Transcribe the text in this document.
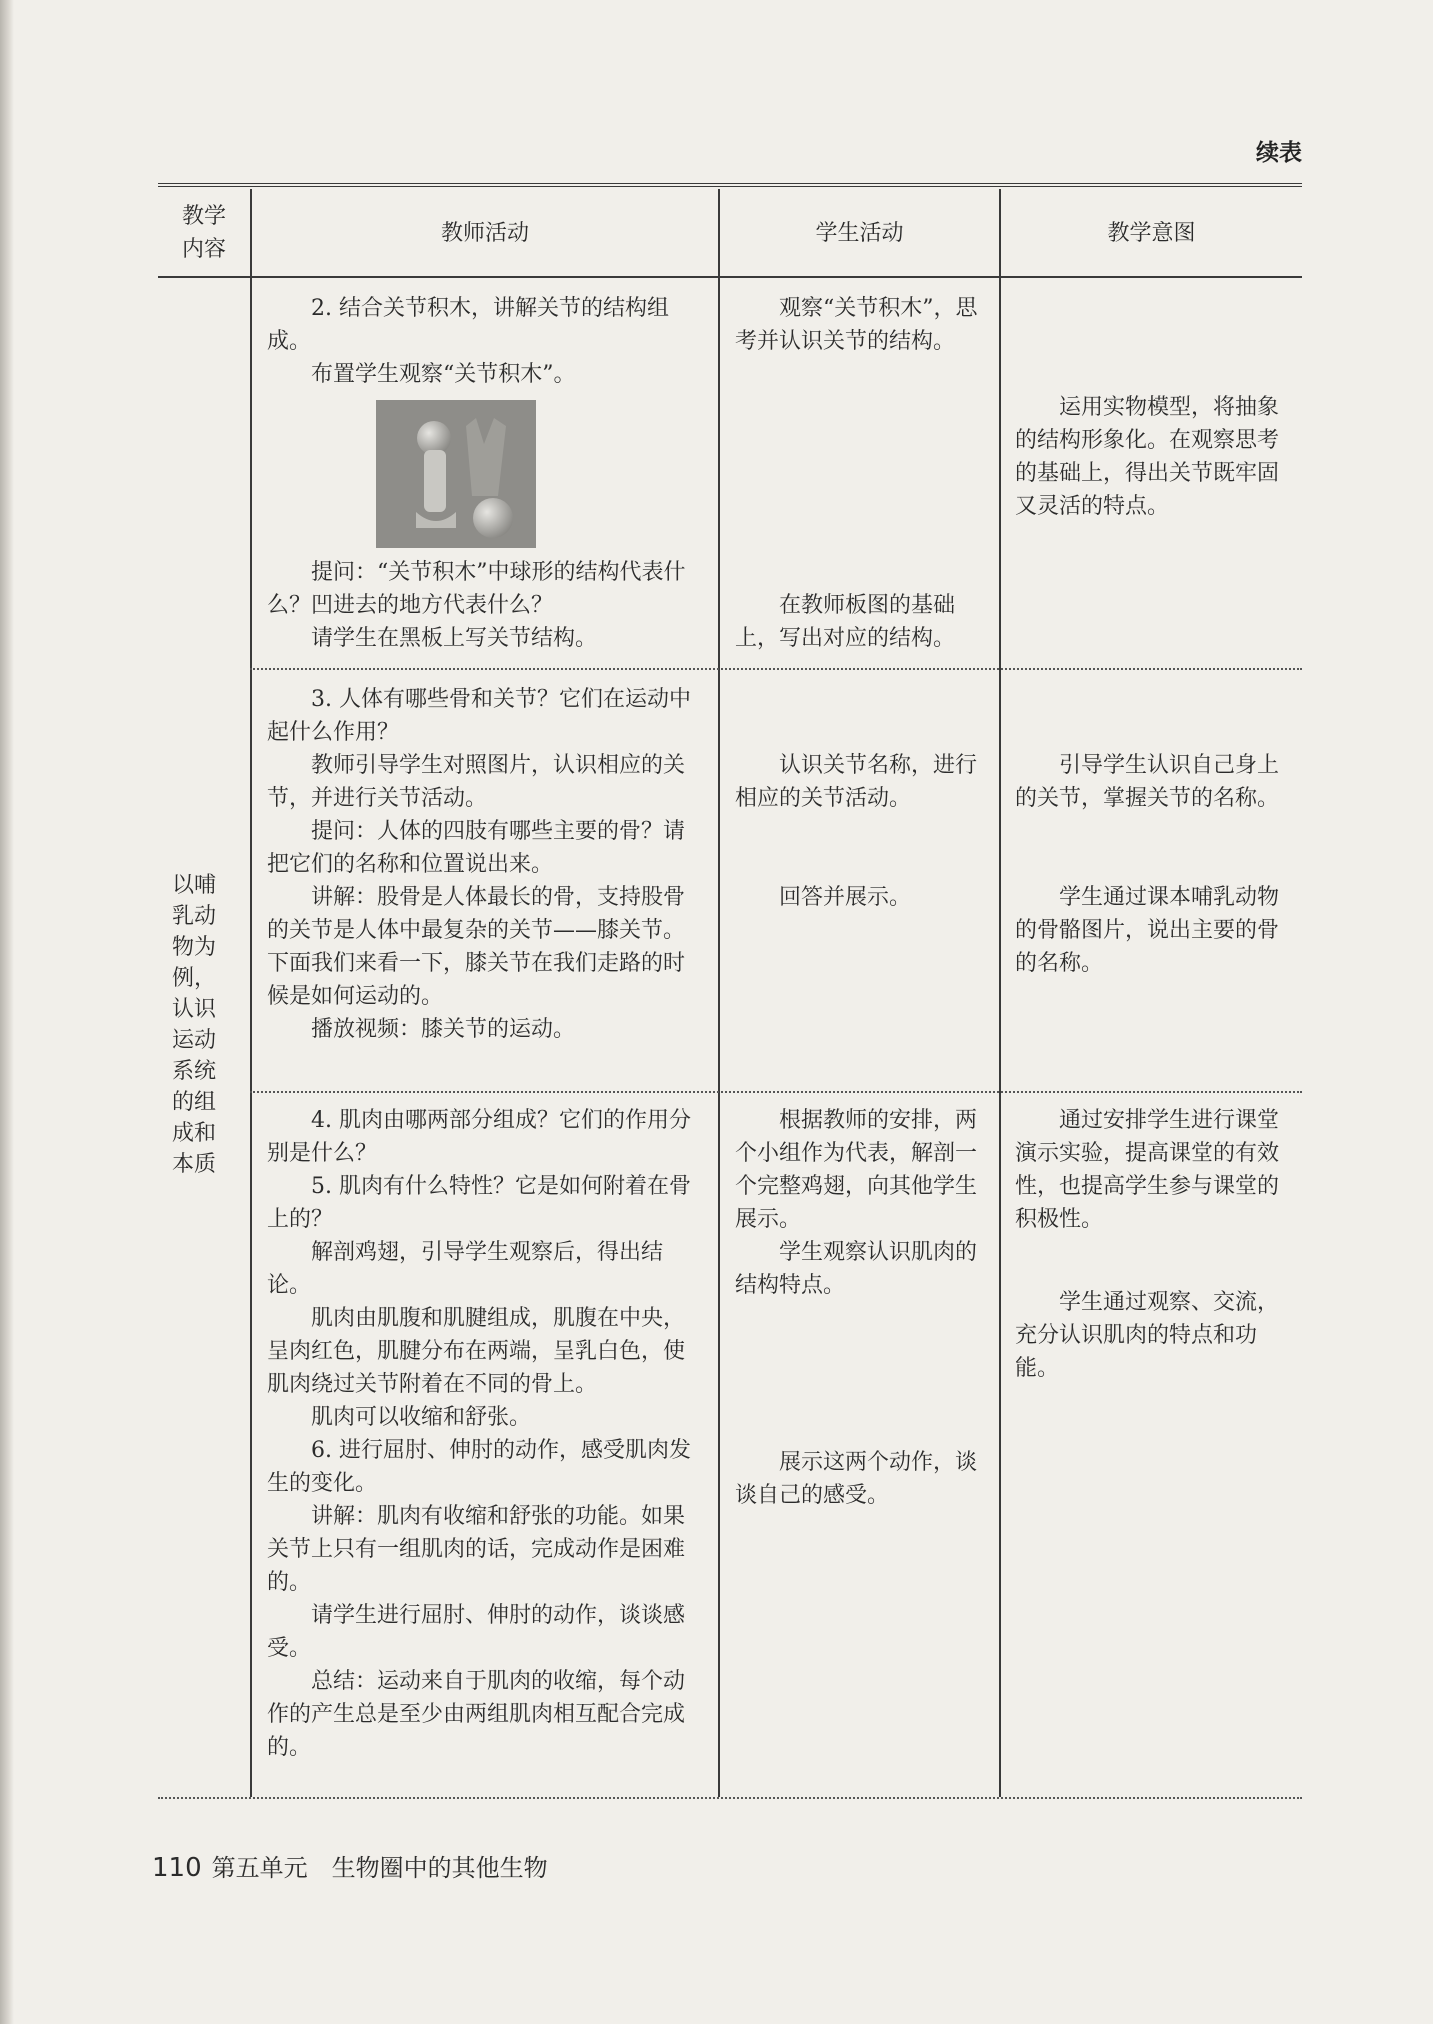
续表
教学
内容
教师活动	学生活动	教学意图
以哺乳动物为例，认识运动系统的组成和本质

2. 结合关节积木，讲解关节的结构组成。

布置学生观察“关节积木”。

提问：“关节积木”中球形的结构代表什么？凹进去的地方代表什么？

请学生在黑板上写关节结构。

观察“关节积木”，思考并认识关节的结构。

在教师板图的基础上，写出对应的结构。

运用实物模型，将抽象的结构形象化。在观察思考的基础上，得出关节既牢固又灵活的特点。

3. 人体有哪些骨和关节？它们在运动中起什么作用？

教师引导学生对照图片，认识相应的关节，并进行关节活动。

提问：人体的四肢有哪些主要的骨？请把它们的名称和位置说出来。

讲解：股骨是人体最长的骨，支持股骨的关节是人体中最复杂的关节——膝关节。下面我们来看一下，膝关节在我们走路的时候是如何运动的。

播放视频：膝关节的运动。

认识关节名称，进行相应的关节活动。

回答并展示。

引导学生认识自己身上的关节，掌握关节的名称。

学生通过课本哺乳动物的骨骼图片，说出主要的骨的名称。

4. 肌肉由哪两部分组成？它们的作用分别是什么？

5. 肌肉有什么特性？它是如何附着在骨上的？

解剖鸡翅，引导学生观察后，得出结论。

肌肉由肌腹和肌腱组成，肌腹在中央，呈肉红色，肌腱分布在两端，呈乳白色，使肌肉绕过关节附着在不同的骨上。

肌肉可以收缩和舒张。

6. 进行屈肘、伸肘的动作，感受肌肉发生的变化。

讲解：肌肉有收缩和舒张的功能。如果关节上只有一组肌肉的话，完成动作是困难的。

请学生进行屈肘、伸肘的动作，谈谈感受。

总结：运动来自于肌肉的收缩，每个动作的产生总是至少由两组肌肉相互配合完成的。

根据教师的安排，两个小组作为代表，解剖一个完整鸡翅，向其他学生展示。

学生观察认识肌肉的结构特点。

展示这两个动作，谈谈自己的感受。

通过安排学生进行课堂演示实验，提高课堂的有效性，也提高学生参与课堂的积极性。

学生通过观察、交流，充分认识肌肉的特点和功能。

110 第五单元 生物圈中的其他生物
